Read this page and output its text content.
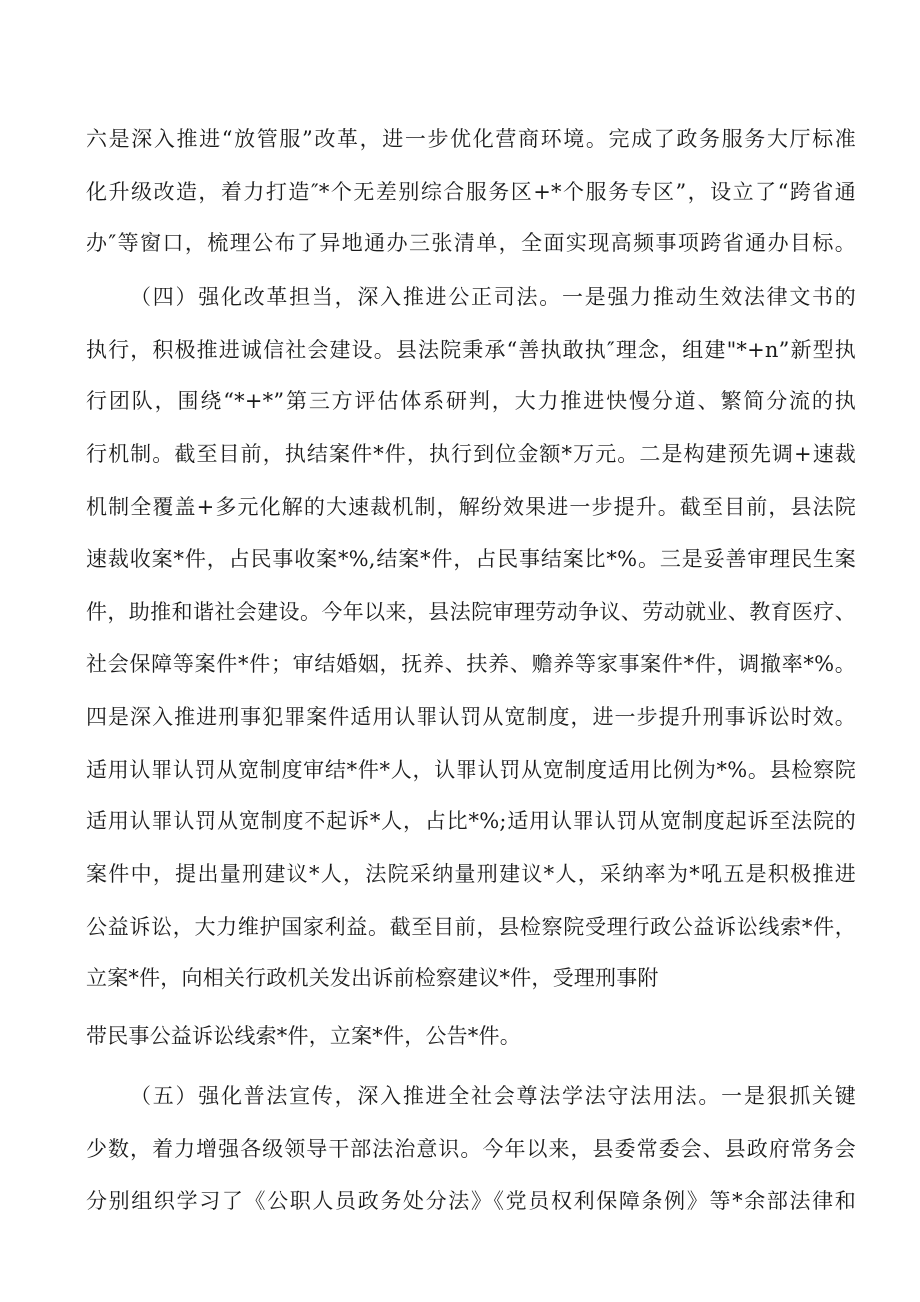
六是深入推进“放管服”改革，进一步优化营商环境。完成了政务服务大厅标准
化升级改造，着力打造″*个无差别综合服务区+*个服务专区”，设立了“跨省通
办″等窗口，梳理公布了异地通办三张清单，全面实现高频事项跨省通办目标。
（四）强化改革担当，深入推进公正司法。一是强力推动生效法律文书的
执行，积极推进诚信社会建设。县法院秉承“善执敢执″理念，组建"*+n”新型执
行团队，围绕“*+*”第三方评估体系研判，大力推进快慢分道、繁简分流的执
行机制。截至目前，执结案件*件，执行到位金额*万元。二是构建预先调+速裁
机制全覆盖+多元化解的大速裁机制，解纷效果进一步提升。截至目前，县法院
速裁收案*件，占民事收案*%,结案*件，占民事结案比*%。三是妥善审理民生案
件，助推和谐社会建设。今年以来，县法院审理劳动争议、劳动就业、教育医疗、
社会保障等案件*件；审结婚姻，抚养、扶养、赡养等家事案件*件，调撤率*%。
四是深入推进刑事犯罪案件适用认罪认罚从宽制度，进一步提升刑事诉讼时效。
适用认罪认罚从宽制度审结*件*人，认罪认罚从宽制度适用比例为*%。县检察院
适用认罪认罚从宽制度不起诉*人，占比*%;适用认罪认罚从宽制度起诉至法院的
案件中，提出量刑建议*人，法院采纳量刑建议*人，采纳率为*吼五是积极推进
公益诉讼，大力维护国家利益。截至目前，县检察院受理行政公益诉讼线索*件，
立案*件，向相关行政机关发出诉前检察建议*件，受理刑事附
带民事公益诉讼线索*件，立案*件，公告*件。
（五）强化普法宣传，深入推进全社会尊法学法守法用法。一是狠抓关键
少数，着力增强各级领导干部法治意识。今年以来，县委常委会、县政府常务会
分别组织学习了《公职人员政务处分法》《党员权利保障条例》等*余部法律和
